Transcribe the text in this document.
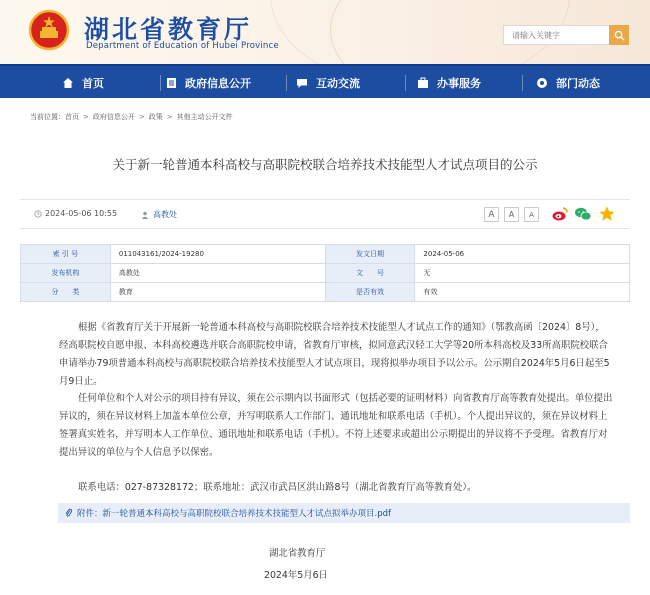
湖北省教育厅
Department of Education of Hubei Province
请输入关键字
首页	政府信息公开	互动交流	办事服务	部门动态
当前位置： 首页 > 政府信息公开 > 政策 > 其他主动公开文件
关于新一轮普通本科高校与高职院校联合培养技术技能型人才试点项目的公示
2024-05-06 10:55	高教处	A	A	A
索 引 号	011043161/2024-19280	发文日期	2024-05-06
发布机构	高教处	文　　号	无
分　　类	教育	是否有效	有效
根据《省教育厅关于开展新一轮普通本科高校与高职院校联合培养技术技能型人才试点工作的通知》（鄂教高函〔2024〕8号），经高职院校自愿申报、本科高校遴选并联合高职院校申请，省教育厅审核，拟同意武汉轻工大学等20所本科高校及33所高职院校联合申请举办79项普通本科高校与高职院校联合培养技术技能型人才试点项目，现将拟举办项目予以公示。公示期自2024年5月6日起至5月9日止。
任何单位和个人对公示的项目持有异议，须在公示期内以书面形式（包括必要的证明材料）向省教育厅高等教育处提出。单位提出异议的，须在异议材料上加盖本单位公章，并写明联系人工作部门、通讯地址和联系电话（手机）。个人提出异议的，须在异议材料上签署真实姓名，并写明本人工作单位、通讯地址和联系电话（手机）。不符上述要求或超出公示期提出的异议将不予受理。省教育厅对提出异议的单位与个人信息予以保密。
联系电话：027-87328172；联系地址：武汉市武昌区洪山路8号（湖北省教育厅高等教育处）。
附件：新一轮普通本科高校与高职院校联合培养技术技能型人才试点拟举办项目.pdf
湖北省教育厅
2024年5月6日
